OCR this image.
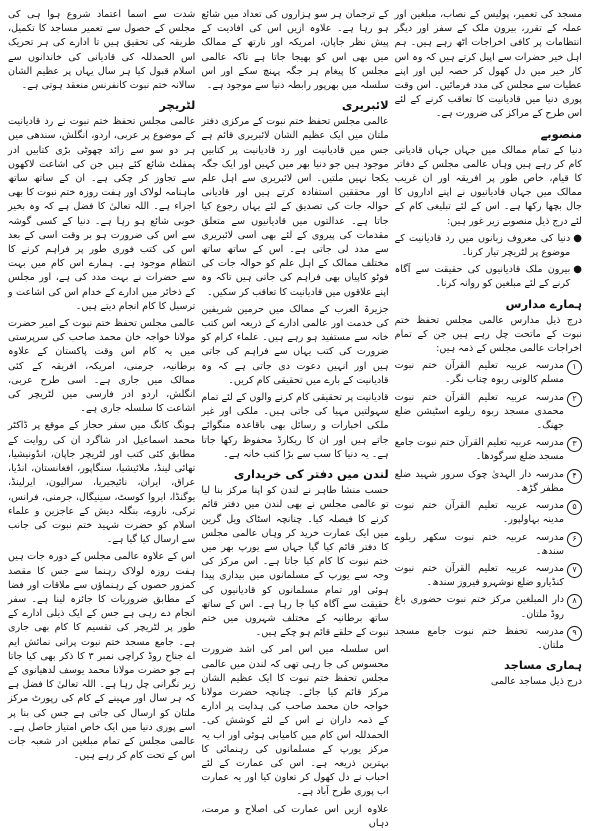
شدت سے اسما اعتماد شروع ہوا ہی کی مجلس کے حصول سے تعمیر مساجد کا تکمیل، طریقہ کی تحقیق ہیں تا ادارے کی ہر تحریک اس الحمدللہ کی قادیانی کی خاندانوں سے اسلام قبول کیا ہر سال یہاں پر عظیم الشان سالانہ ختم نبوت کانفرنس منعقد ہوتی ہے۔

لٹریچر

عالمی مجلس تحفظ ختم نبوت نے رد قادیانیت کے موضوع پر عربی، اردو، انگلش، سندھی میں ہر دو سو سے زائد چھوٹی بڑی کتابیں ادر پمفلٹ شائع کئے ہیں جن کی اشاعت لاکھوں سے تجاوز کر چکی ہے۔ ان کے ساتھ ساتھ ماہنامہ لولاک اور ہفت روزہ ختم نبوت کا بھی اجراء ہے۔ اللہ تعالیٰ کا فضل ہے کہ وہ بخیر خوبی شائع ہو رہا ہے۔ دنیا کے کسی گوشہ سے اس کی ضرورت ہو بر وقت اسی کے بعد اس کی کتب فوری طور پر فراہم کرنے کا انتظام موجود ہے۔ ہمارے اس کام میں بہت سے حضرات نے بہت مدد کی ہے، اور مجلس کے ذخائر میں ادارے کے خدام اس کی اشاعت و ترسیل کا کام انجام دیتے ہیں۔

عالمی مجلس تحفظ ختم نبوت کے امیر حضرت مولانا خواجہ خان محمد صاحب کی سرپرستی میں یہ کام اس وقت پاکستان کے علاوہ برطانیہ، جرمنی، امریکہ، افریقہ کے کئی ممالک میں جاری ہے۔ اسی طرح عربی، انگلش، اردو ادر فارسی میں لٹریچر کی اشاعت کا سلسلہ جاری ہے۔

ہونگ کانگ میں سفر حجاز کے موقع پر ڈاکٹر محمد اسماعیل ادر شاگرد ان کی روایت کے مطابق کئی کتب اور لٹریچر جاپان، انڈونیشیا، تھائی لینڈ، ملائیشیا، سنگاپور، افغانستان، انڈیا، عراق، ایران، نائیجیریا، سرالیون، ایرلینڈ، یوگنڈا، ایروا کوسٹ، سینیگال، جرمنی، فرانس، ترکی، ناروے، بنگلہ دیش کے عاجزین و علماء اسلام کو حضرت شہید ختم نبوت کی جانب سے ارسال کیا گیا ہے۔

اس کے علاوہ عالمی مجلس کے دورہ جات ہیں ہفت روزہ لولاک رہنما سے جس کا مقصد کمزور حصوں کے رہنماؤں سے ملاقات اور فضا کے مطابق ضروریات کا جائزہ لینا ہے۔ سفر انجام دے رہی ہے جس کے ایک ذیلی ادارے کے طور پر لٹریچر کی تقسیم کا کام بھی جاری ہے۔ جامع مسجد ختم نبوت پرانی نمائش ایم اے جناح روڈ کراچی نمبر ۳ کا ذکر بھی کیا جاتا ہے جو حضرت مولانا محمد یوسف لدھیانوی کے زیر نگرانی چل رہا ہے۔ اللہ تعالیٰ کا فضل ہے کہ ہر سال اور مہینے کے کام کی رپورٹ مرکز ملتان کو ارسال کی جاتی ہے جس کی بنا پر اسے پوری دنیا میں ایک خاص امتیاز حاصل ہے۔ عالمی مجلس کے تمام مبلغین ادر شعبہ جات اس کے تحت کام کر رہے ہیں۔

کے ترجمان ہر سو ہزاروں کی تعداد میں شائع ہو رہا ہے۔ علاوہ ازیں اس کی افادیت کے پیش نظر جاپان، امریکہ اور نارتھ کے ممالک میں بھی اس کو بھیجا جاتا ہے تاکہ عالمی مجلس کا پیغام ہر جگہ پہنچ سکے اور اس سلسلہ میں بھرپور رابطہ دنیا سے موجود ہے۔

لائبریری

عالمی مجلس تحفظ ختم نبوت کے مرکزی دفتر ملتان میں ایک عظیم الشان لائبریری قائم ہے جس میں قادیانیت اور رد قادیانیت پر کتابیں موجود ہیں جو دنیا بھر میں کہیں اور ایک جگہ یکجا نہیں ملتیں۔ اس لائبریری سے اہل علم اور محققین استفادہ کرتے ہیں اور قادیانی حوالہ جات کی تصدیق کے لئے یہاں رجوع کیا جاتا ہے۔ عدالتوں میں قادیانیوں سے متعلق مقدمات کی پیروی کے لئے بھی اسی لائبریری سے مدد لی جاتی ہے۔ اس کے ساتھ ساتھ مختلف ممالک کے اہل علم کو حوالہ جات کی فوٹو کاپیاں بھی فراہم کی جاتی ہیں تاکہ وہ اپنے علاقوں میں قادیانیت کا تعاقب کر سکیں۔

جزیرۃ العرب کے ممالک میں حرمین شریفین کی خدمت اور عالمی ادارے کے ذریعہ اس کتب خانہ سے مستفید ہو رہے ہیں۔ علماء کرام کو ضرورت کی کتب یہاں سے فراہم کی جاتی ہیں اور انہیں دعوت دی جاتی ہے کہ وہ قادیانیت کے بارے میں تحقیقی کام کریں۔

قادیانیت پر تحقیقی کام کرنے والوں کے لئے تمام سہولتیں مہیا کی جاتی ہیں۔ ملکی اور غیر ملکی اخبارات و رسائل بھی باقاعدہ منگوائے جاتے ہیں اور ان کا ریکارڈ محفوظ رکھا جاتا ہے۔ یہ دنیا کا سب سے بڑا کتب خانہ ہے۔

لندن میں دفتر کی خریداری

حسب منشا طاہر نے لندن کو اپنا مرکز بنا لیا تو عالمی مجلس نے بھی لندن میں دفتر قائم کرنے کا فیصلہ کیا۔ چنانچہ اسٹاک ویل گرین میں ایک عمارت خرید کر وہاں عالمی مجلس کا دفتر قائم کیا گیا جہاں سے یورپ بھر میں ختم نبوت کا کام کیا جاتا ہے۔ اس مرکز کی وجہ سے یورپ کے مسلمانوں میں بیداری پیدا ہوئی اور تمام مسلمانوں کو قادیانیوں کی حقیقت سے آگاہ کیا جا رہا ہے۔ اس کے ساتھ ساتھ برطانیہ کے مختلف شہروں میں ختم نبوت کے حلقے قائم ہو چکے ہیں۔

اس سلسلہ میں اس امر کی اشد ضرورت محسوس کی جا رہی تھی کہ لندن میں عالمی مجلس تحفظ ختم نبوت کا ایک عظیم الشان مرکز قائم کیا جائے۔ چنانچہ حضرت مولانا خواجہ خان محمد صاحب کی ہدایت پر ادارے کے ذمہ داران نے اس کے لئے کوشش کی۔ الحمدللہ اس کام میں کامیابی ہوئی اور اب یہ مرکز یورپ کے مسلمانوں کی رہنمائی کا بہترین ذریعہ ہے۔ اس کی عمارت کے لئے احباب نے دل کھول کر تعاون کیا اور یہ عمارت اب پوری طرح آباد ہے۔

علاوہ ازیں اس عمارت کی اصلاح و مرمت، دہاں

مسجد کی تعمیر، پولیس کے نصاب، مبلغین اور عملہ کے تقرر، بیرون ملک کے سفر اور دیگر انتظامات پر کافی اخراجات اٹھ رہے ہیں۔ ہم اہل خیر حضرات سے اپیل کرتے ہیں کہ وہ اس کار خیر میں دل کھول کر حصہ لیں اور اپنے عطیات سے مجلس کی مدد فرمائیں۔ اس وقت پوری دنیا میں قادیانیت کا تعاقب کرنے کے لئے اس طرح کے مراکز کی ضرورت ہے۔

منصوبے

دنیا کے تمام ممالک میں جہاں جہاں قادیانی کام کر رہے ہیں وہاں عالمی مجلس کے دفاتر کا قیام، خاص طور پر افریقہ اور ان غریب ممالک میں جہاں قادیانیوں نے اپنے اداروں کا جال بچھا رکھا ہے۔ اس کے لئے تبلیغی کام کے لئے درج ذیل منصوبے زیر غور ہیں:

●
دنیا کی معروف زبانوں میں رد قادیانیت کے موضوع پر لٹریچر تیار کرنا۔
●
بیرون ملک قادیانیوں کی حقیقت سے آگاہ کرنے کے لئے مبلغین کو روانہ کرنا۔
ہمارے مدارس

درج ذیل مدارس عالمی مجلس تحفظ ختم نبوت کے ماتحت چل رہے ہیں جن کے تمام اخراجات عالمی مجلس کے ذمہ ہیں:

۱
مدرسہ عربیہ تعلیم القرآن ختم نبوت مسلم کالونی ربوہ چناب نگر۔
۲
مدرسہ عربیہ تعلیم القرآن ختم نبوت محمدی مسجد ربوہ ریلوے اسٹیشن ضلع جھنگ۔
۳
مدرسہ عربیہ تعلیم القرآن ختم نبوت جامع مسجد ضلع سرگودھا۔
۴
مدرسہ دار الہدیٰ چوک سرور شہید ضلع مظفر گڑھ۔
۵
مدرسہ عربیہ تعلیم القرآن ختم نبوت مدینہ بہاولپور۔
۶
مدرسہ عربیہ ختم نبوت سکھر ریلوے سندھ۔
۷
مدرسہ عربیہ تعلیم القرآن ختم نبوت کنڈیارو ضلع نوشہرو فیروز سندھ۔
۸
دار المبلغین مرکز ختم نبوت حضوری باغ روڈ ملتان۔
۹
مدرسہ تحفظ ختم نبوت جامع مسجد ملتان۔
ہماری مساجد

درج ذیل مساجد عالمی
